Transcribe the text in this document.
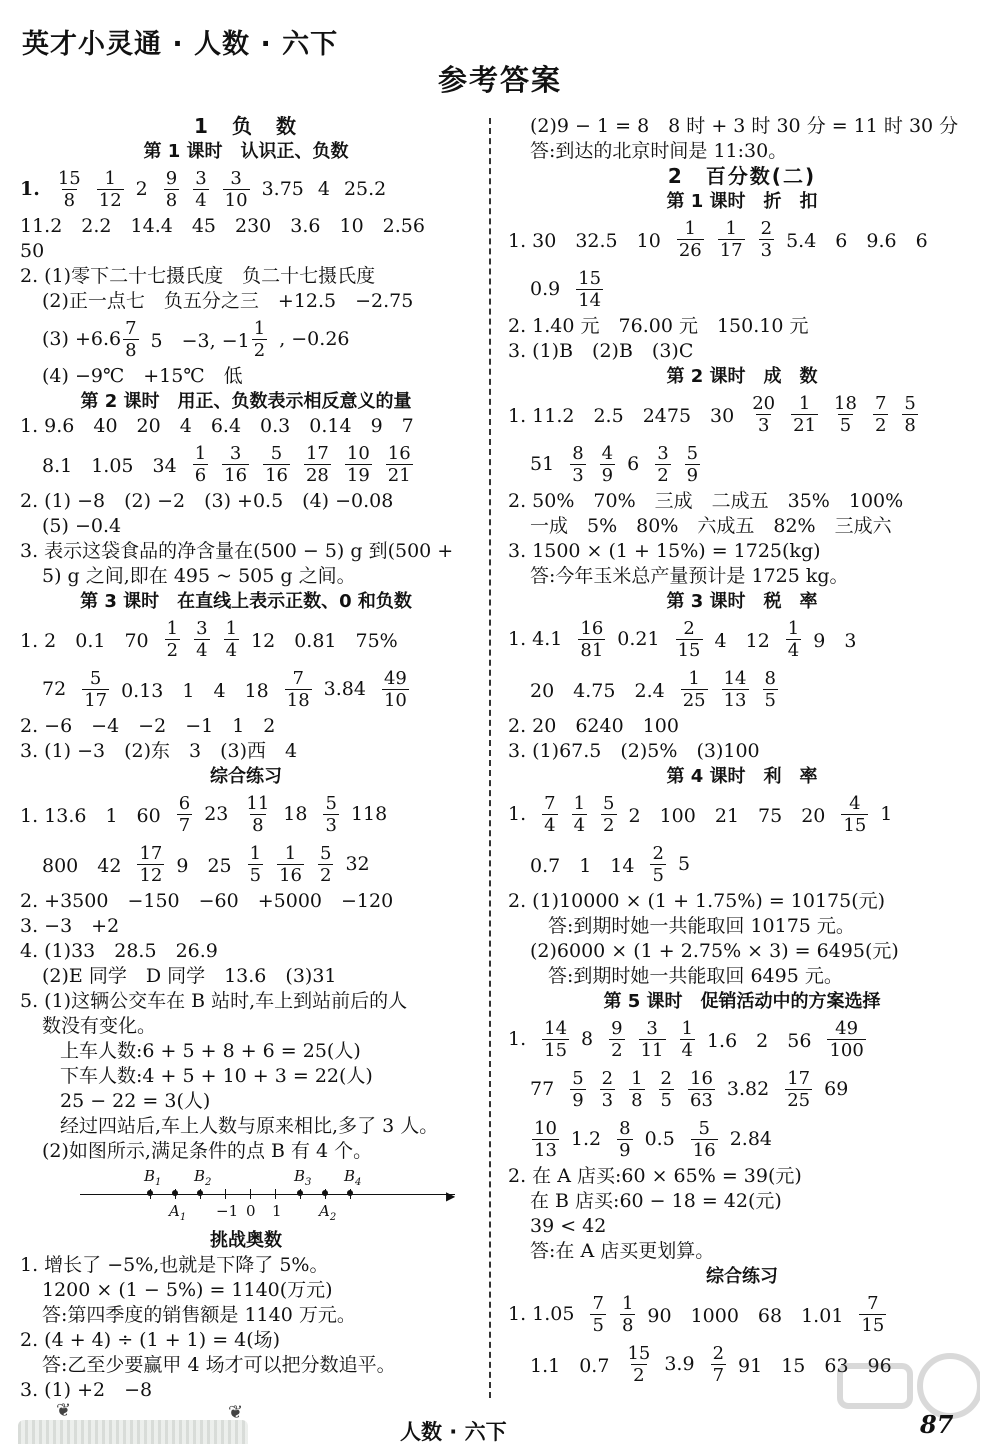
英才小灵通 · 人数 · 六下
参考答案
1　负　数
第 1 课时　认识正、负数
1. $\frac{15}{8} \frac{1}{12} 2 \frac{9}{8} \frac{3}{4} \frac{3}{10} 3.75$ 4 25.2
11.2　2.2　14.4　45　230　3.6　10　2.56
50
2. (1)零下二十七摄氏度　负二十七摄氏度
(2)正一点七　负五分之三　+12.5　−2.75
$(3) +6.6 \frac{7}{8} 5$　−3, $-1 \frac{1}{2}$ , −0.26
(4) −9℃　+15℃　低
第 2 课时　用正、负数表示相反意义的量
1. 9.6　40　20　4　6.4　0.3　0.14　9　7
8.1　1.05　$34 \frac{1}{6} \frac{3}{16} \frac{5}{16} \frac{17}{28} \frac{10}{19} \frac{16}{21}$
2. (1) −8　(2) −2　(3) +0.5　(4) −0.08
(5) −0.4
3. 表示这袋食品的净含量在(500 − 5) g 到(500 +
5) g 之间,即在 495 ~ 505 g 之间。
第 3 课时　在直线上表示正数、0 和负数
1. 2　0.1　$70 \frac{1}{2} \frac{3}{4} \frac{1}{4} 12$　0.81　75%
$72 \frac{5}{17} 0.13$　1　4　$18 \frac{7}{18} 3.84 \frac{49}{10}$
2. −6　−4　−2　−1　1　2
3. (1) −3　(2)东　3　(3)西　4
综合练习
1. 13.6　1　$60 \frac{6}{7} 23 \frac{11}{8} 18 \frac{5}{3} 118$
800　$42 \frac{17}{12} 9$　$25 \frac{1}{5} \frac{1}{16} \frac{5}{2} 32$
2. +3500　−150　−60　+5000　−120
3. −3　+2
4. (1)33　28.5　26.9
(2)E 同学　D 同学　13.6　(3)31
5. (1)这辆公交车在 B 站时,车上到站前后的人
数没有变化。
上车人数:6 + 5 + 8 + 6 = 25(人)
下车人数:4 + 5 + 10 + 3 = 22(人)
25 − 22 = 3(人)
经过四站后,车上人数与原来相比,多了 3 人。
(2)如图所示,满足条件的点 B 有 4 个。
▶
$B_1$ $B_2$	$B_3$ $B_4$
$A_1$	$A_2$
−1 0 1
挑战奥数
1. 增长了 −5%,也就是下降了 5%。
1200 × (1 − 5%) = 1140(万元)
答:第四季度的销售额是 1140 万元。
2. (4 + 4) ÷ (1 + 1) = 4(场)
答:乙至少要赢甲 4 场才可以把分数追平。
3. (1) +2　−8
(2)9 − 1 = 8　8 时 + 3 时 30 分 = 11 时 30 分
答:到达的北京时间是 11:30。
2　百分数(二)
第 1 课时　折　扣
1. 30　32.5　$10 \frac{1}{26} \frac{1}{17} \frac{2}{3} 5.4$　6　9.6　6
$0.9 \frac{15}{14}$
2. 1.40 元　76.00 元　150.10 元
3. (1)B　(2)B　(3)C
第 2 课时　成　数
1. 11.2　2.5　2475　$30 \frac{20}{3} \frac{1}{21} \frac{18}{5} \frac{7}{2} \frac{5}{8}$
$51 \frac{8}{3} \frac{4}{9} 6 \frac{3}{2} \frac{5}{9}$
2. 50%　70%　三成　二成五　35%　100%
一成　5%　80%　六成五　82%　三成六
3. 1500 × (1 + 15%) = 1725(kg)
答:今年玉米总产量预计是 1725 kg。
第 3 课时　税　率
1. $4.1 \frac{16}{81} 0.21 \frac{2}{15} 4$　$12 \frac{1}{4} 9$　3
20　4.75　$2.4 \frac{1}{25} \frac{14}{13} \frac{8}{5}$
2. 20　6240　100
3. (1)67.5　(2)5%　(3)100
第 4 课时　利　率
1. $\frac{7}{4} \frac{1}{4} \frac{5}{2} 2$　100　21　75　$20 \frac{4}{15} 1$
0.7　1　$14 \frac{2}{5} 5$
2. (1)10000 × (1 + 1.75%) = 10175(元)
答:到期时她一共能取回 10175 元。
(2)6000 × (1 + 2.75% × 3) = 6495(元)
答:到期时她一共能取回 6495 元。
第 5 课时　促销活动中的方案选择
1. $\frac{14}{15} 8 \frac{9}{2} \frac{3}{11} \frac{1}{4} 1.6$　2　$56 \frac{49}{100}$
$77 \frac{5}{9} \frac{2}{3} \frac{1}{8} \frac{2}{5} \frac{16}{63} 3.82 \frac{17}{25} 69$
$\frac{10}{13} 1.2 \frac{8}{9} 0.5 \frac{5}{16} 2.84$
2. 在 A 店买:60 × 65% = 39(元)
在 B 店买:60 − 18 = 42(元)
39 < 42
答:在 A 店买更划算。
综合练习
1. $1.05 \frac{7}{5} \frac{1}{8} 90$　1000　68　$1.01 \frac{7}{15}$
1.1　$0.7 \frac{15}{2} 3.9 \frac{2}{7} 91$　15　63　96
❦	❦
人数 · 六下	87
